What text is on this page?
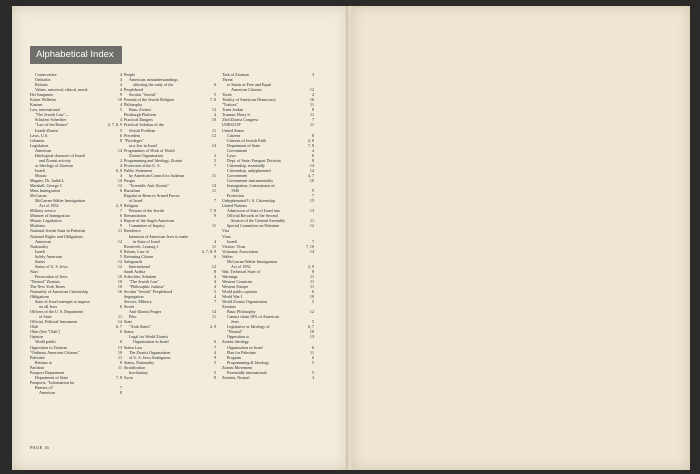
Alphabetical Index
Conservative	4
Orthodox	4
Reform	4
Values, universal, ethical, moral	4
Dei Sanguinis	9
Kaiser Wilhelm	10
Kastner	4
Law, international	5
"The Jewish Law"—
Schulem Schechter	4
"Law of the Return"	4, 7, 8, 9
Israeli-Zionist	5
Laws, U.S.	6
Lebanon	8
Legislation
American	14
Ideological character of Israeli
and Zionist activity	2
or Ideology of Zionism	4
Israeli	6, 8
Mosaic	4
Magnes, Dr. Judah L.	10
Marshall, George C.	12
Mass Immigration	6
McCarran
McCarran-Walter Immigration
Act of 1952	2, 9
Military service	7
Minister of Immigration	6
Mosaic Legislation	4
Moslems	9
National Jewish State in Palestine	11
National Rights and Obligations
American	12
Nationality
Israeli	8
Solely American	5
Status	12
Status of U. S. Jews	12
Nazi
Persecution of Jews	10
"Neutral" Zionists	10
The New York Times	10
Normality of American Citizenship	16
Obligations
State of Israel attempts to impose
on all Jews	6
Officers of the U. S. Department
of State	11
Official, Political Instrument	14
Olah	6, 7
Olim (See "Olah")	6
Opinion
World public	6
Opposition to Zionism	13
"Ordinary American Citizens"	10
Palestine	11
Returns to	8
Partition	11
Passport Department
Department of State	7, 8
Passports, "Information for
Bearers of"	7
American	8
People
American, misunderstandings
affecting the unity of the	6
Peoplehood
Secular "Jewish"	5
Permits of the Jewish Religion	7, 8
Philosophy
Basic Zionist	12
Pittsburgh Platform	4
Practical Dangers	10
Practical Solution of the
Jewish Problem	11
Precedent	12
"Privileges"
as a Jew in Israel	14
Programmes of Work of World
Zionist Organization	3
Programming and Ideology, Zionist	5
Protection of the U. S.	7
Public Statement
by American Council for Judaism	11
Purges
"Scientific Anti-Zionist"	14
Racialism	11
Regular or Reserve Armed Forces
of Israel	7
Religion
Persons of the Jewish	7, 8
Renunciation	9
Report of the Anglo-American
Committee of Inquiry	11
Residence
Intention of American Jews to make
in State of Israel	4
Roosevelt, Leasing J.	11
Return, Law of	4, 7, 8, 9
Returning Citizen	6
Safeguards
International	12
Saudi Arabia	8
Schechter, Schulem	4
"The Jewish Law"	4
"Philosophic Judaica"	4
Secular "Jewish" Peoplehood	5
Segregation	4
Service, Military	7
Soviet
Anti-Zionist Purges	14
Bloc	11
State
"Arab States"	2, 9
Status
Legal for World Zionist
Organization in Israel	6
Status Law	7
The Zionist Organization	4
of U. S. Jews Ambiguous	9
Status, Nationality	5
Stratification
Involuntary	5
Syria	8
Task of Zionism	3
Threat
to Status as Free and Equal
American Citizens	12
Torah	4
Totality of American Democracy	16
"Traitors"	11
Trans Jordan	8
Truman, Harry S.	11
23rd Zionist Congress	7
UNESCOP	11
United States
Citizens	8
Citizens of Jewish Faith	2, 8
Department of State	7, 8
Government	4
Laws	6
Dept. of State, Passport Division	8
Citizenship, essentially	14
Citizenship, unhyphenated	14
Government	4, 7
Government instrumentality	10
Immigration, Commission of,
1940	9
Protection	7
Unhyphenated U. S. Citizenship	15
United Nations
Admission of State of Israel into	13
Official Records of the Second
Session of the General Assembly	11
Special Committee on Palestine	12
Visa
Visas
Israeli	7
Visitors' Visas	7, 10
Voluntary Association	14
Walter
McCarran-Walter Immigration
Act of 1952	2, 9
War, Technical State of	8
Warnings	11
Western Countries	11
Western Europe	11
World public opinion	6
World War I	10
World Zionist Organization	5
Zionism
Basic Philosophy	12
Cannot claim 10% of American
Jews	5
Legislative or Ideology of	6, 7
"Neutral"	10
Opposition to	13
Zionist ideology
Organization in Israel	6
Plan for Palestine	11
Program	6
Programming & Ideology	5
Zionist Movement
Essentially international	5
Zionists, Neutral	3
PAGE 16
